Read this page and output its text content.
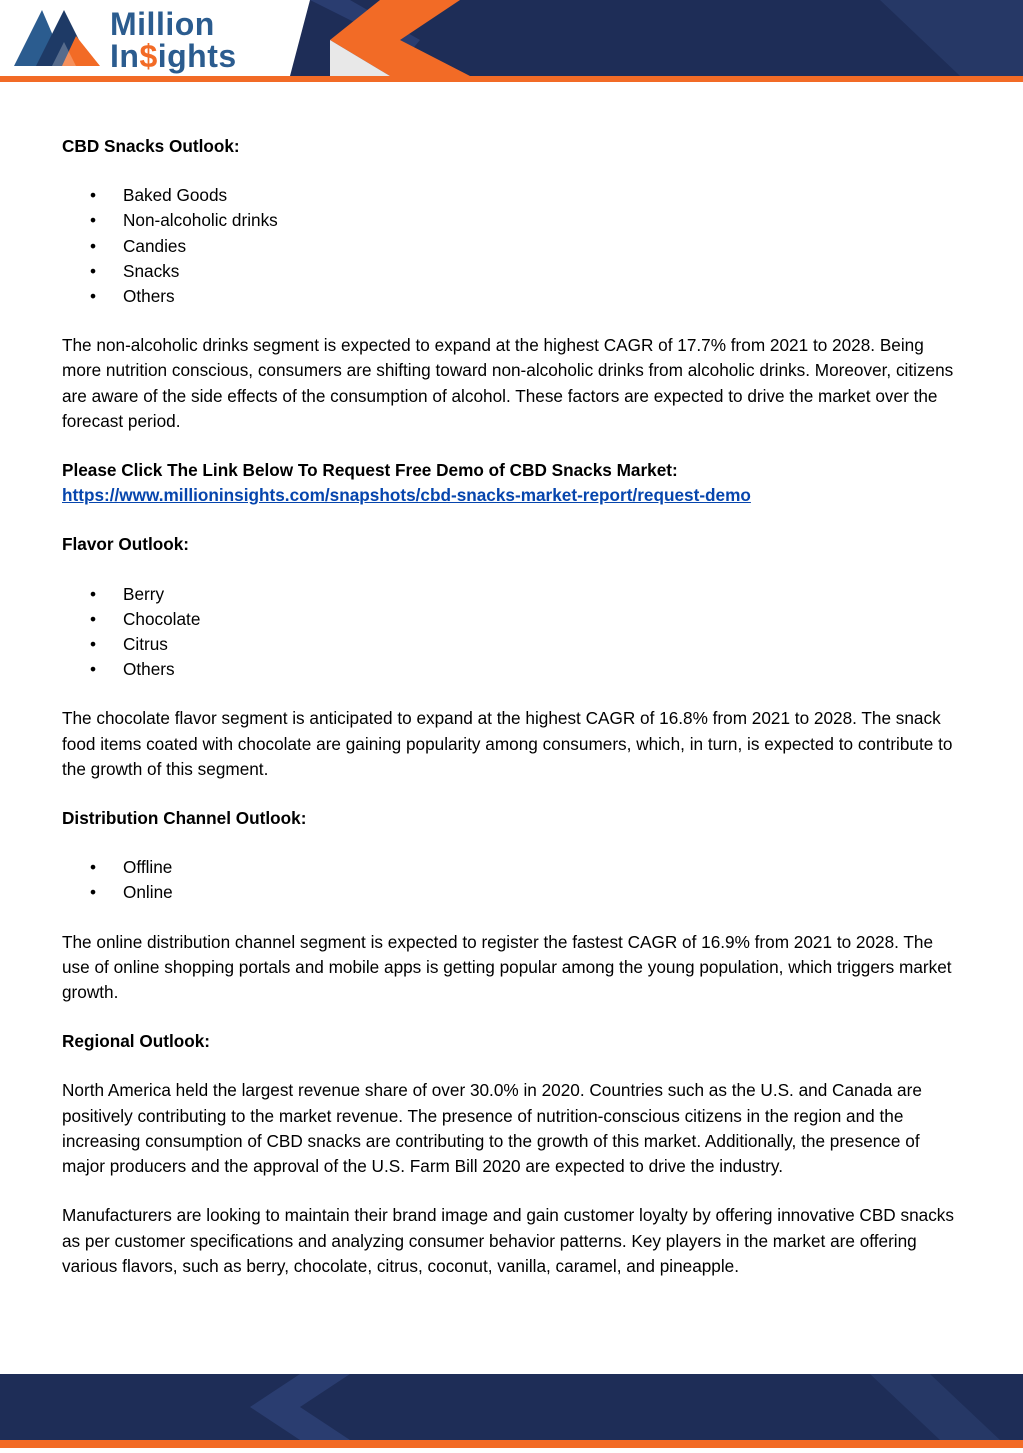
Million
In$ights
CBD Snacks Outlook:
• Baked Goods
• Non-alcoholic drinks
• Candies
• Snacks
• Others

The non-alcoholic drinks segment is expected to expand at the highest CAGR of 17.7% from 2021 to 2028. Being more nutrition conscious, consumers are shifting toward non-alcoholic drinks from alcoholic drinks. Moreover, citizens are aware of the side effects of the consumption of alcohol. These factors are expected to drive the market over the forecast period.

Please Click The Link Below To Request Free Demo of CBD Snacks Market:
https://www.millioninsights.com/snapshots/cbd-snacks-market-report/request-demo
Flavor Outlook:
• Berry
• Chocolate
• Citrus
• Others

The chocolate flavor segment is anticipated to expand at the highest CAGR of 16.8% from 2021 to 2028. The snack food items coated with chocolate are gaining popularity among consumers, which, in turn, is expected to contribute to the growth of this segment.

Distribution Channel Outlook:
• Offline
• Online

The online distribution channel segment is expected to register the fastest CAGR of 16.9% from 2021 to 2028. The use of online shopping portals and mobile apps is getting popular among the young population, which triggers market growth.

Regional Outlook:

North America held the largest revenue share of over 30.0% in 2020. Countries such as the U.S. and Canada are positively contributing to the market revenue. The presence of nutrition-conscious citizens in the region and the increasing consumption of CBD snacks are contributing to the growth of this market. Additionally, the presence of major producers and the approval of the U.S. Farm Bill 2020 are expected to drive the industry.

Manufacturers are looking to maintain their brand image and gain customer loyalty by offering innovative CBD snacks as per customer specifications and analyzing consumer behavior patterns. Key players in the market are offering various flavors, such as berry, chocolate, citrus, coconut, vanilla, caramel, and pineapple.
